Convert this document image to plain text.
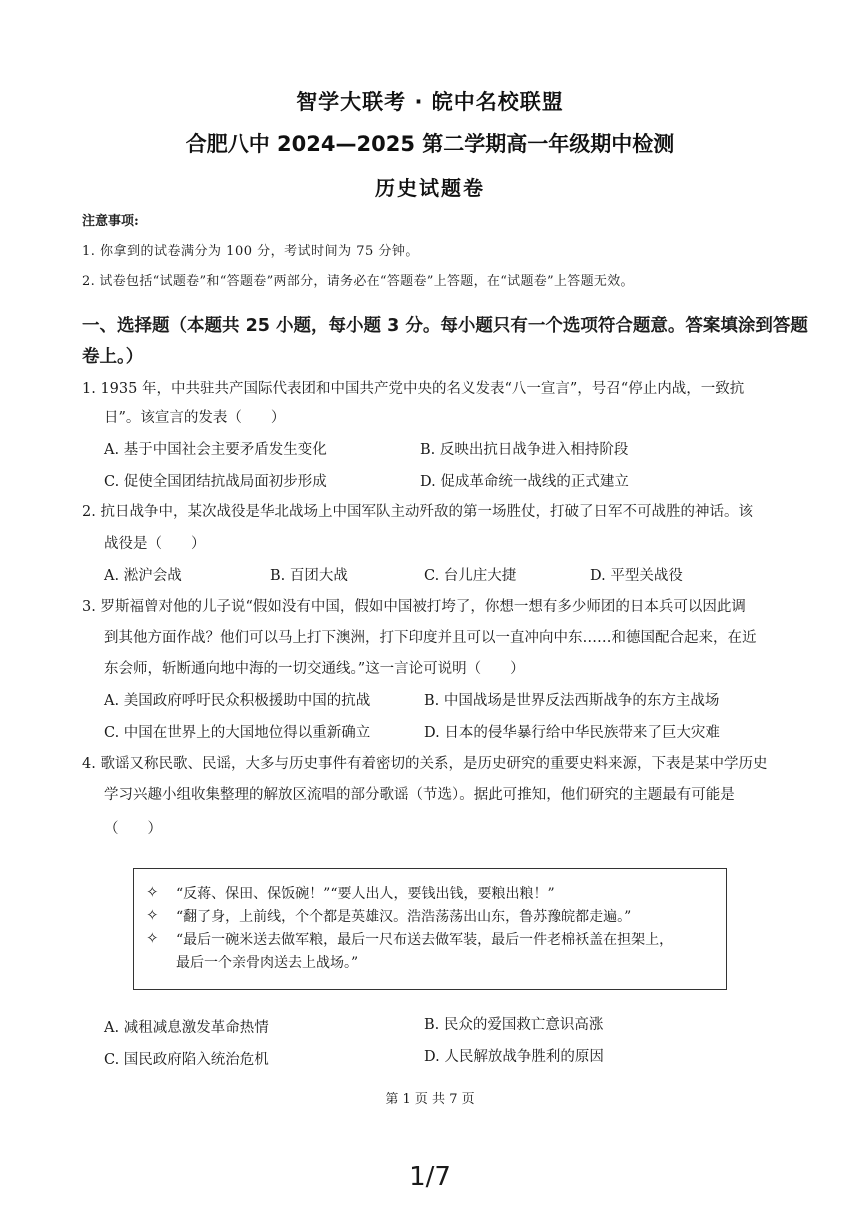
智学大联考 · 皖中名校联盟
合肥八中 2024—2025 第二学期高一年级期中检测
历史试题卷
注意事项:
1. 你拿到的试卷满分为 100 分，考试时间为 75 分钟。
2. 试卷包括“试题卷”和“答题卷”两部分，请务必在“答题卷”上答题，在“试题卷”上答题无效。
一、选择题（本题共 25 小题，每小题 3 分。每小题只有一个选项符合题意。答案填涂到答题
卷上。）
1. 1935 年，中共驻共产国际代表团和中国共产党中央的名义发表“八一宣言”，号召“停止内战，一致抗
日”。该宣言的发表（　　）
A. 基于中国社会主要矛盾发生变化	B. 反映出抗日战争进入相持阶段
C. 促使全国团结抗战局面初步形成	D. 促成革命统一战线的正式建立
2. 抗日战争中，某次战役是华北战场上中国军队主动歼敌的第一场胜仗，打破了日军不可战胜的神话。该
战役是（　　）
A. 淞沪会战	B. 百团大战	C. 台儿庄大捷	D. 平型关战役
3. 罗斯福曾对他的儿子说“假如没有中国，假如中国被打垮了，你想一想有多少师团的日本兵可以因此调
到其他方面作战？他们可以马上打下澳洲，打下印度并且可以一直冲向中东……和德国配合起来，在近
东会师，斩断通向地中海的一切交通线。”这一言论可说明（　　）
A. 美国政府呼吁民众积极援助中国的抗战	B. 中国战场是世界反法西斯战争的东方主战场
C. 中国在世界上的大国地位得以重新确立	D. 日本的侵华暴行给中华民族带来了巨大灾难
4. 歌谣又称民歌、民谣，大多与历史事件有着密切的关系，是历史研究的重要史料来源，下表是某中学历史
学习兴趣小组收集整理的解放区流唱的部分歌谣（节选）。据此可推知，他们研究的主题最有可能是
（　　）
✧ “反蒋、保田、保饭碗！”“要人出人，要钱出钱，要粮出粮！”
✧ “翻了身，上前线，个个都是英雄汉。浩浩荡荡出山东，鲁苏豫皖都走遍。”
✧ “最后一碗米送去做军粮，最后一尺布送去做军装，最后一件老棉袄盖在担架上，
最后一个亲骨肉送去上战场。”
A. 减租减息激发革命热情	B. 民众的爱国救亡意识高涨
C. 国民政府陷入统治危机	D. 人民解放战争胜利的原因
第 1 页 共 7 页
1/7
